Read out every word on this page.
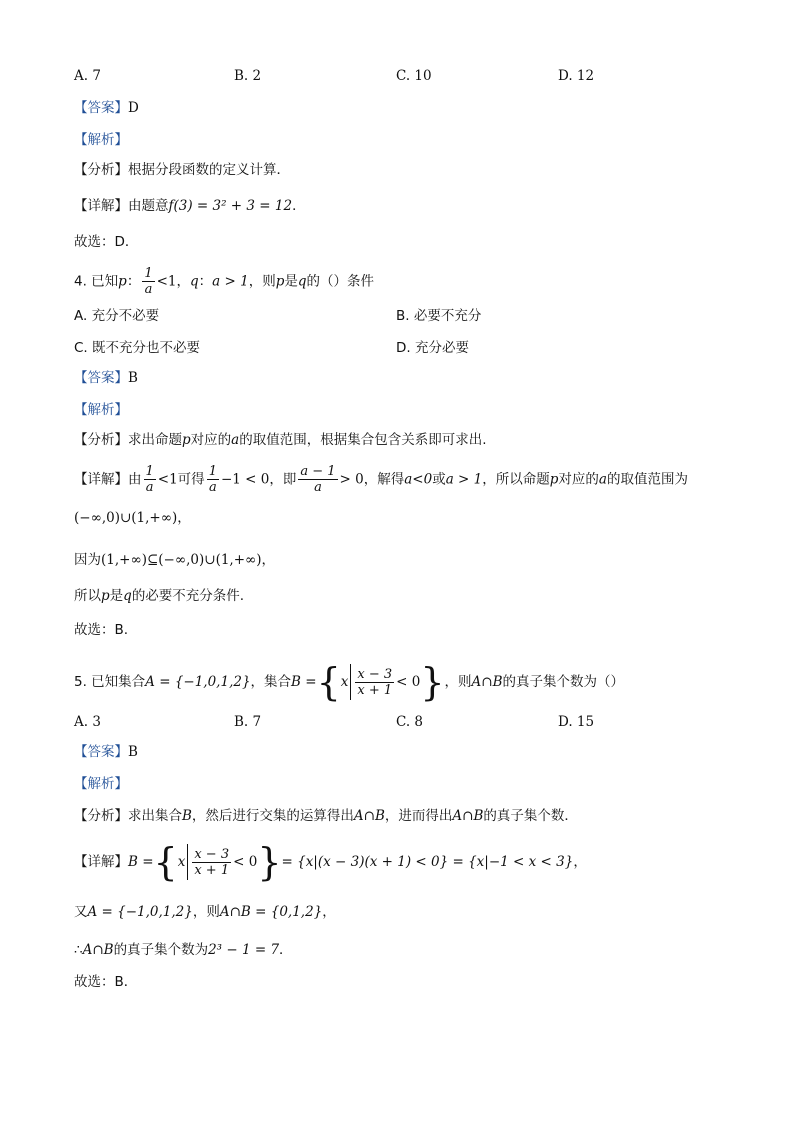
A. 7	B. 2	C. 10	D. 12
【答案】D
【解析】
【分析】根据分段函数的定义计算．
【详解】由题意f(3) = 3² + 3 = 12．
故选：D．
4. 已知p： $\frac{1}{a} <1$，q：a > 1，则p是q的（）条件
A. 充分不必要	B. 必要不充分
C. 既不充分也不必要	D. 充分必要
【答案】B
【解析】
【分析】求出命题p对应的a的取值范围，根据集合包含关系即可求出.
【详解】由 $\frac{1}{a} <1$可得 $\frac{1}{a} -1 < 0$，即 $\frac{a - 1}{a} > 0$，解得a<0或a > 1，所以命题p对应的a的取值范围为
(−∞,0)∪(1,+∞)，
因为(1,+∞)⊆(−∞,0)∪(1,+∞)，
所以p是q的必要不充分条件.
故选：B.
5. 已知集合A = {−1,0,1,2}，集合$B =\{x \frac{x - 3}{x + 1} < 0\}$，则A∩B的真子集个数为（）
A. 3	B. 7	C. 8	D. 15
【答案】B
【解析】
【分析】求出集合B，然后进行交集的运算得出A∩B，进而得出A∩B的真子集个数．
【详解】$B =\{x \frac{x - 3}{x + 1} < 0\}= \{x|(x - 3)(x + 1) < 0\} = \{x|-1 < x < 3\}$，
又A = {−1,0,1,2}，则A∩B = {0,1,2}，
∴A∩B的真子集个数为2³ − 1 = 7．
故选：B．
